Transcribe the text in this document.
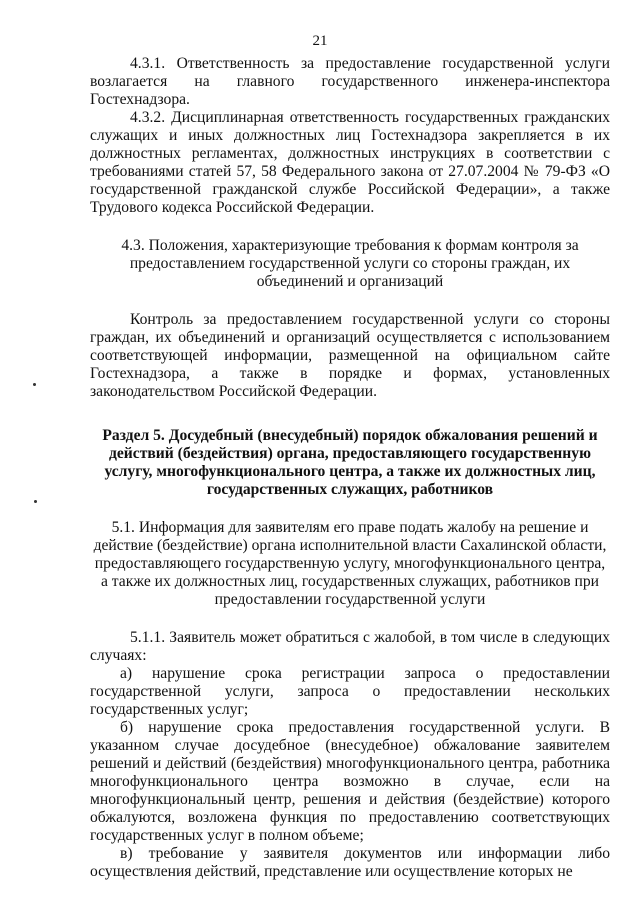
21

4.3.1. Ответственность за предоставление государственной услуги возлагается на главного государственного инженера-инспектора Гостехнадзора.

4.3.2. Дисциплинарная ответственность государственных гражданских служащих и иных должностных лиц Гостехнадзора закрепляется в их должностных регламентах, должностных инструкциях в соответствии с требованиями статей 57, 58 Федерального закона от 27.07.2004 № 79-ФЗ «О государственной гражданской службе Российской Федерации», а также Трудового кодекса Российской Федерации.

4.3. Положения, характеризующие требования к формам контроля за предоставлением государственной услуги со стороны граждан, их объединений и организаций

Контроль за предоставлением государственной услуги со стороны граждан, их объединений и организаций осуществляется с использованием соответствующей информации, размещенной на официальном сайте Гостехнадзора, а также в порядке и формах, установленных законодательством Российской Федерации.

Раздел 5. Досудебный (внесудебный) порядок обжалования решений и действий (бездействия) органа, предоставляющего государственную услугу, многофункционального центра, а также их должностных лиц, государственных служащих, работников

5.1. Информация для заявителям его праве подать жалобу на решение и действие (бездействие) органа исполнительной власти Сахалинской области, предоставляющего государственную услугу, многофункционального центра, а также их должностных лиц, государственных служащих, работников при предоставлении государственной услуги

5.1.1. Заявитель может обратиться с жалобой, в том числе в следующих случаях:

а) нарушение срока регистрации запроса о предоставлении государственной услуги, запроса о предоставлении нескольких государственных услуг;

б) нарушение срока предоставления государственной услуги. В указанном случае досудебное (внесудебное) обжалование заявителем решений и действий (бездействия) многофункционального центра, работника многофункционального центра возможно в случае, если на многофункциональный центр, решения и действия (бездействие) которого обжалуются, возложена функция по предоставлению соответствующих государственных услуг в полном объеме;

в) требование у заявителя документов или информации либо осуществления действий, представление или осуществление которых не
